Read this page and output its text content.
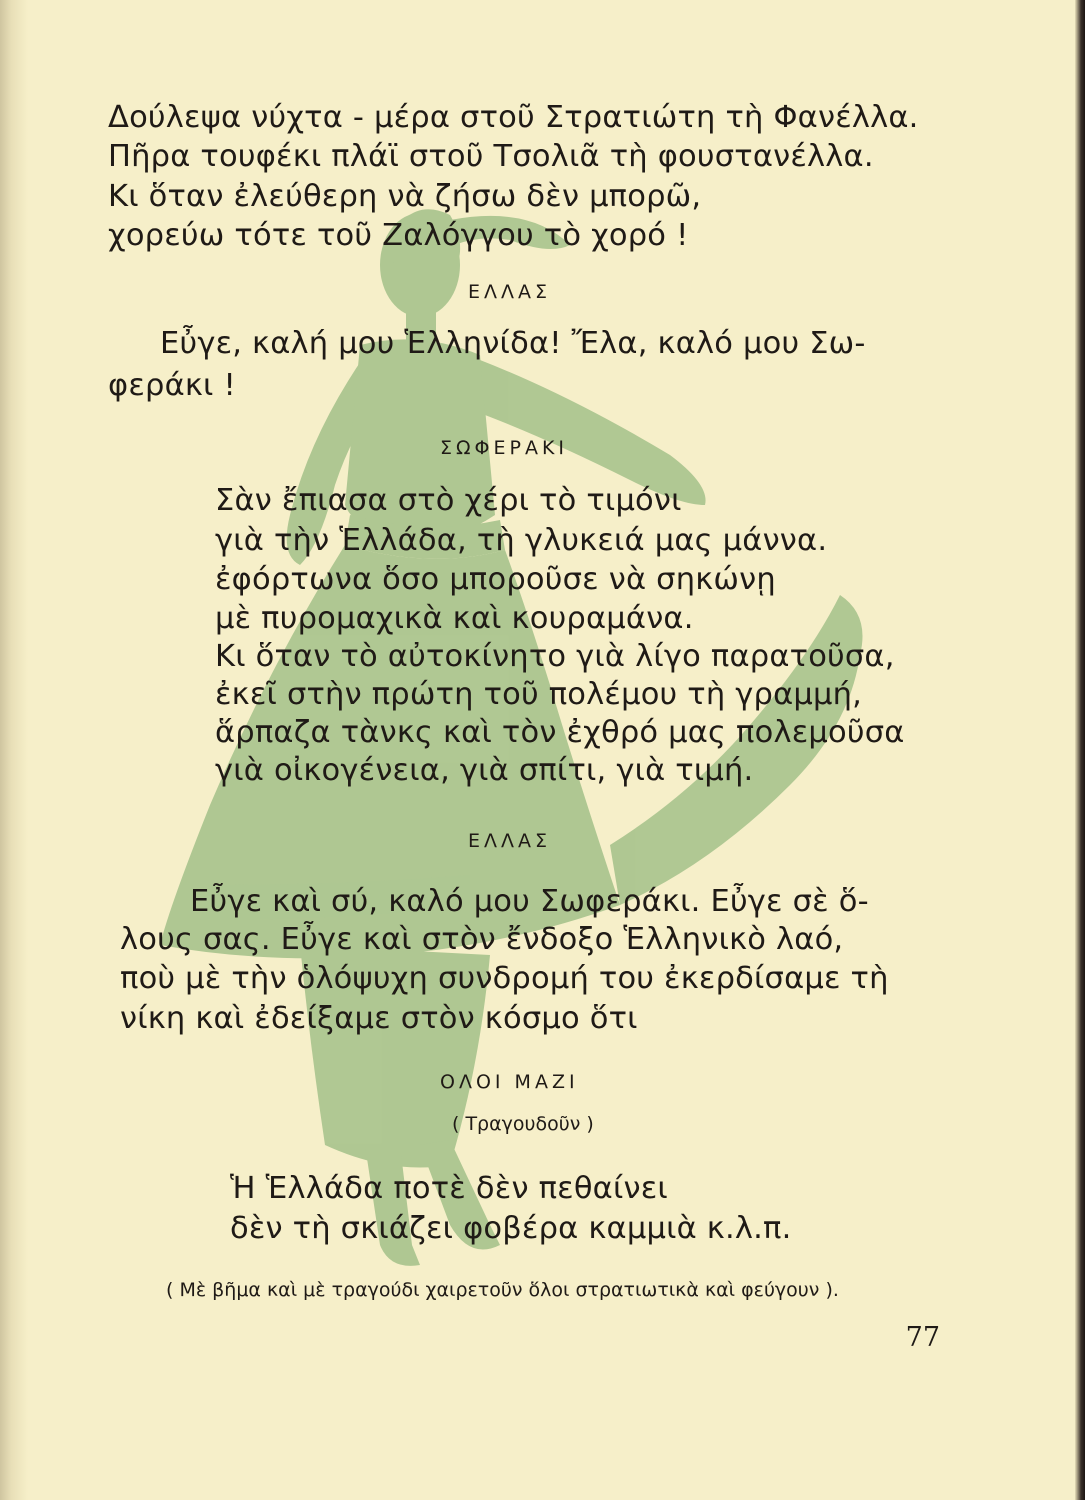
Δούλεψα νύχτα - μέρα στοῦ Στρατιώτη τὴ Φανέλλα.
Πῆρα τουφέκι πλάϊ στοῦ Τσολιᾶ τὴ φουστανέλλα.
Κι ὅταν ἐλεύθερη νὰ ζήσω δὲν μπορῶ,
χορεύω τότε τοῦ Ζαλόγγου τὸ χορό !
ΕΛΛΑΣ
Εὖγε, καλή μου Ἑλληνίδα! Ἔλα, καλό μου Σω-
φεράκι !
ΣΩΦΕΡΑΚΙ
Σὰν ἔπιασα στὸ χέρι τὸ τιμόνι
γιὰ τὴν Ἑλλάδα, τὴ γλυκειά μας μάννα.
ἐφόρτωνα ὅσο μποροῦσε νὰ σηκώνῃ
μὲ πυρομαχικὰ καὶ κουραμάνα.
Κι ὅταν τὸ αὐτοκίνητο γιὰ λίγο παρατοῦσα,
ἐκεῖ στὴν πρώτη τοῦ πολέμου τὴ γραμμή,
ἅρπαζα τὰνκς καὶ τὸν ἐχθρό μας πολεμοῦσα
γιὰ οἰκογένεια, γιὰ σπίτι, γιὰ τιμή.
ΕΛΛΑΣ
Εὖγε καὶ σύ, καλό μου Σωφεράκι. Εὖγε σὲ ὅ-
λους σας. Εὖγε καὶ στὸν ἔνδοξο Ἑλληνικὸ λαό,
ποὺ μὲ τὴν ὁλόψυχη συνδρομή του ἐκερδίσαμε τὴ
νίκη καὶ ἐδείξαμε στὸν κόσμο ὅτι
ΟΛΟΙ ΜΑΖΙ
( Τραγουδοῦν )
Ἡ Ἑλλάδα ποτὲ δὲν πεθαίνει
δὲν τὴ σκιάζει φοβέρα καμμιὰ κ.λ.π.
( Μὲ βῆμα καὶ μὲ τραγούδι χαιρετοῦν ὅλοι στρατιωτικὰ καὶ φεύγουν ).
77
